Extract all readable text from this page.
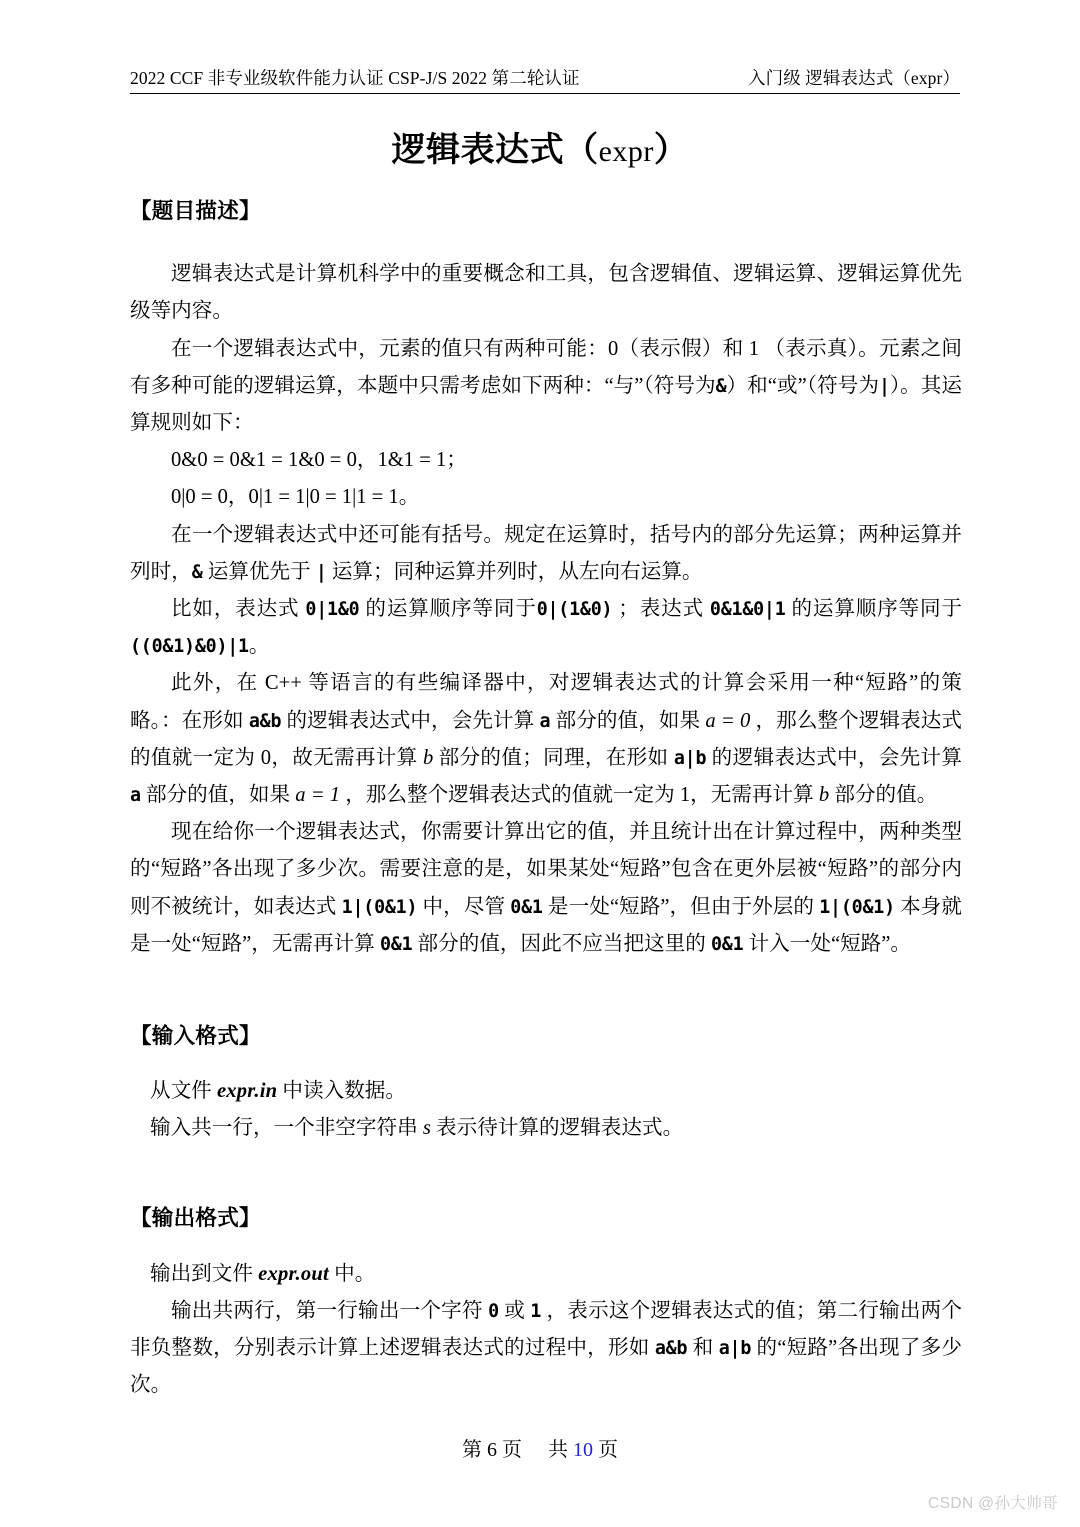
2022 CCF 非专业级软件能力认证 CSP-J/S 2022 第二轮认证	入门级 逻辑表达式（expr）
逻辑表达式（expr）
【题目描述】

逻辑表达式是计算机科学中的重要概念和工具，包含逻辑值、逻辑运算、逻辑运算优先级等内容。

在一个逻辑表达式中，元素的值只有两种可能：0（表示假）和 1 （表示真）。元素之间有多种可能的逻辑运算，本题中只需考虑如下两种：“与”（符号为&）和“或”（符号为|）。其运算规则如下：

0&0 = 0&1 = 1&0 = 0，1&1 = 1；

0|0 = 0，0|1 = 1|0 = 1|1 = 1。

在一个逻辑表达式中还可能有括号。规定在运算时，括号内的部分先运算；两种运算并列时，& 运算优先于 | 运算；同种运算并列时，从左向右运算。

比如，表达式 0|1&0 的运算顺序等同于0|(1&0) ；表达式 0&1&0|1 的运算顺序等同于 ((0&1)&0)|1。

此外，在 C++ 等语言的有些编译器中，对逻辑表达式的计算会采用一种“短路”的策略。：在形如 a&b 的逻辑表达式中，会先计算 a 部分的值，如果 a = 0 ，那么整个逻辑表达式的值就一定为 0，故无需再计算 b 部分的值；同理，在形如 a|b 的逻辑表达式中，会先计算 a 部分的值，如果 a = 1 ，那么整个逻辑表达式的值就一定为 1，无需再计算 b 部分的值。

现在给你一个逻辑表达式，你需要计算出它的值，并且统计出在计算过程中，两种类型的“短路”各出现了多少次。需要注意的是，如果某处“短路”包含在更外层被“短路”的部分内则不被统计，如表达式 1|(0&1) 中，尽管 0&1 是一处“短路”，但由于外层的 1|(0&1) 本身就是一处“短路”，无需再计算 0&1 部分的值，因此不应当把这里的 0&1 计入一处“短路”。

【输入格式】

从文件 expr.in 中读入数据。

输入共一行，一个非空字符串 s 表示待计算的逻辑表达式。

【输出格式】

输出到文件 expr.out 中。

输出共两行，第一行输出一个字符 0 或 1 ，表示这个逻辑表达式的值；第二行输出两个非负整数，分别表示计算上述逻辑表达式的过程中，形如 a&b 和 a|b 的“短路”各出现了多少次。

第 6 页 共 10 页
CSDN @孙大帅哥
